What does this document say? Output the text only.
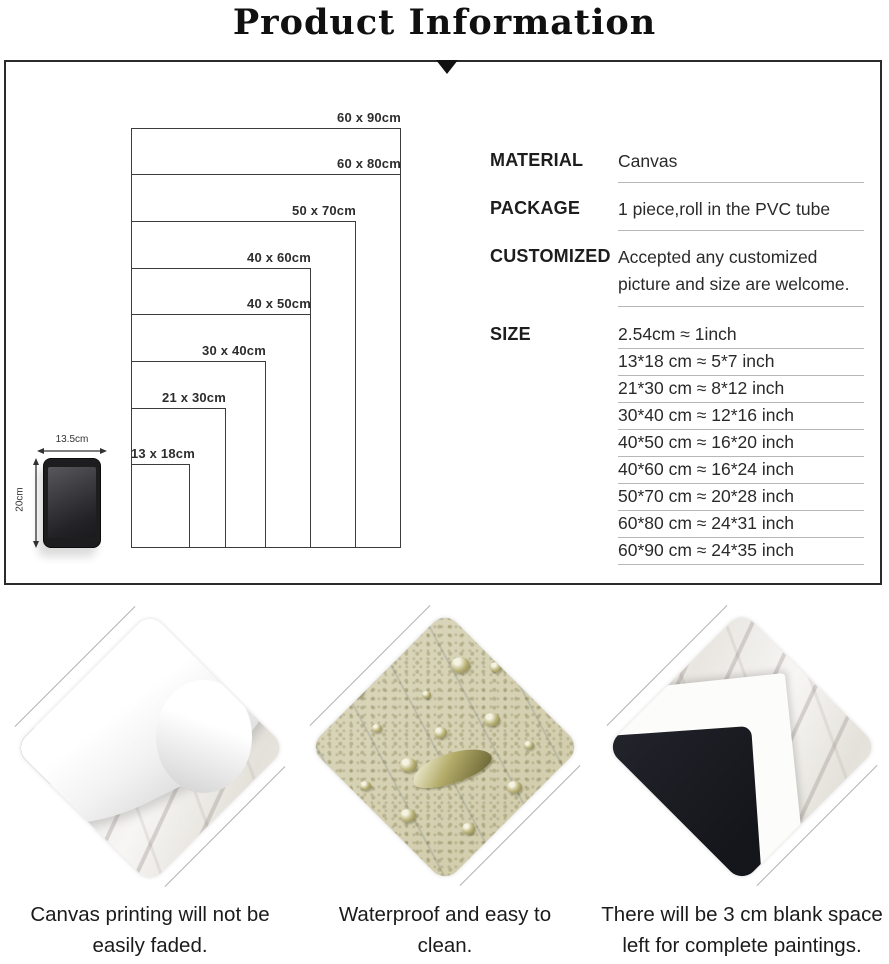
Product Information
60 x 90cm
60 x 80cm
50 x 70cm
40 x 60cm
40 x 50cm
30 x 40cm
21 x 30cm
13 x 18cm
13.5cm
20cm
MATERIAL	Canvas
PACKAGE	1 piece,roll in the PVC tube
CUSTOMIZED Accepted any customized picture and size are welcome.
SIZE	2.54cm ≈ 1inch
13*18 cm ≈ 5*7 inch
21*30 cm ≈ 8*12 inch
30*40 cm ≈ 12*16 inch
40*50 cm ≈ 16*20 inch
40*60 cm ≈ 16*24 inch
50*70 cm ≈ 20*28 inch
60*80 cm ≈ 24*31 inch
60*90 cm ≈ 24*35 inch
Canvas printing will not be easily faded.
Waterproof and easy to clean.
There will be 3 cm blank space left for complete paintings.
